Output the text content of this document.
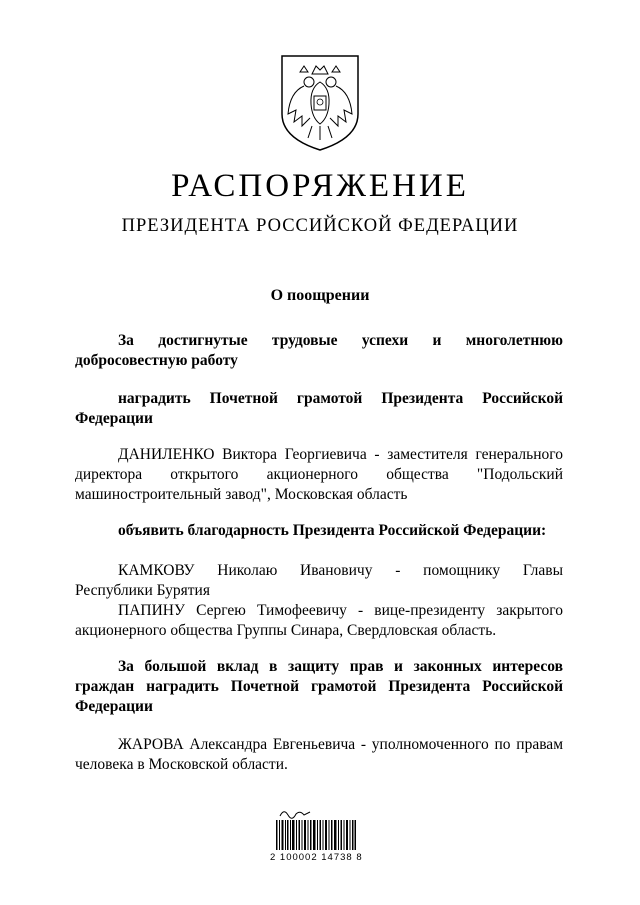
РАСПОРЯЖЕНИЕ
ПРЕЗИДЕНТА РОССИЙСКОЙ ФЕДЕРАЦИИ
О поощрении
За достигнутые трудовые успехи и многолетнюю
добросовестную работу
наградить Почетной грамотой Президента Российской
Федерации
ДАНИЛЕНКО Виктора Георгиевича - заместителя генерального директора открытого акционерного общества "Подольский машиностроительный завод", Московская область
объявить благодарность Президента Российской Федерации:
КАМКОВУ Николаю Ивановичу - помощнику Главы
Республики Бурятия
ПАПИНУ Сергею Тимофеевичу - вице-президенту закрытого акционерного общества Группы Синара, Свердловская область.
За большой вклад в защиту прав и законных интересов граждан наградить Почетной грамотой Президента Российской Федерации
ЖАРОВА Александра Евгеньевича - уполномоченного по правам человека в Московской области.
2 100002 14738 8
